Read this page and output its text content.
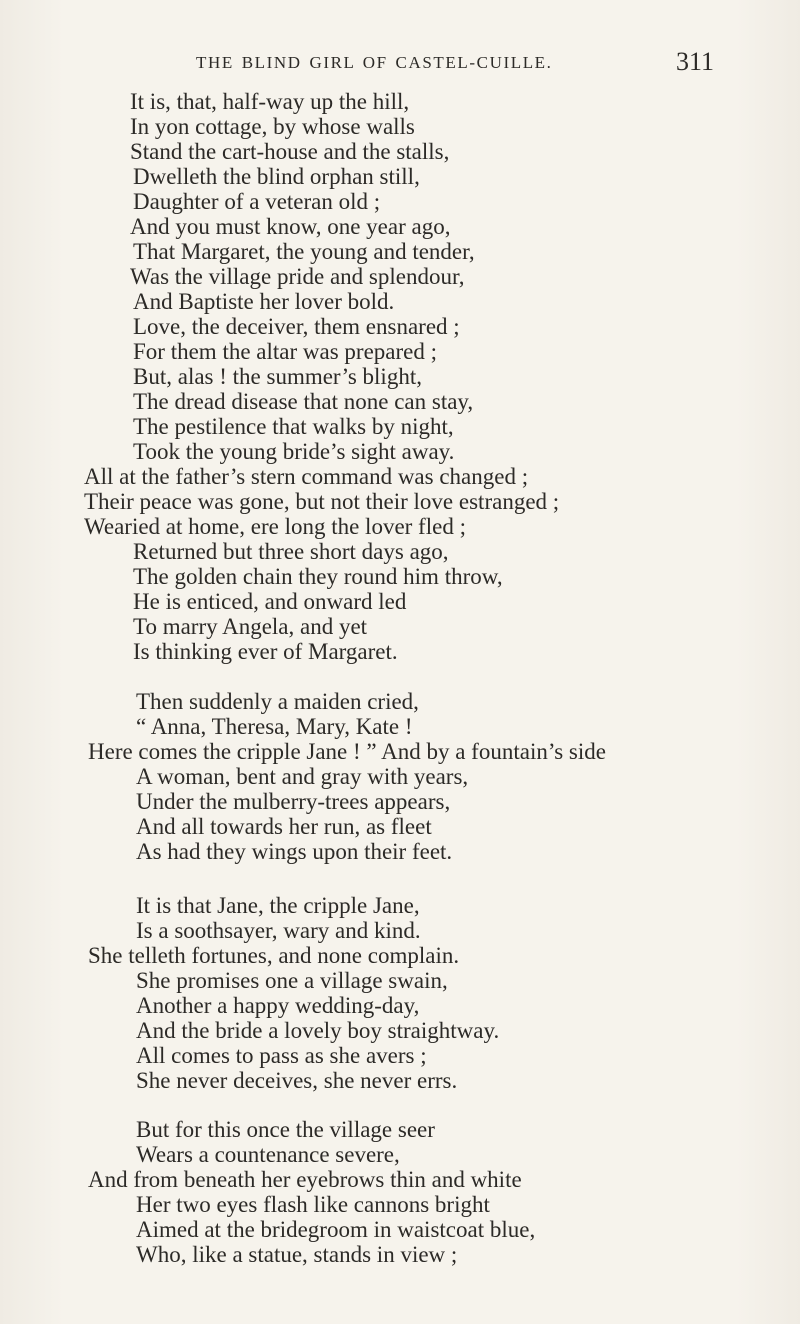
THE BLIND GIRL OF CASTEL-CUILLE.	311
It is, that, half-way up the hill,
In yon cottage, by whose walls
Stand the cart-house and the stalls,
Dwelleth the blind orphan still,
Daughter of a veteran old ;
And you must know, one year ago,
That Margaret, the young and tender,
Was the village pride and splendour,
And Baptiste her lover bold.
Love, the deceiver, them ensnared ;
For them the altar was prepared ;
But, alas ! the summer’s blight,
The dread disease that none can stay,
The pestilence that walks by night,
Took the young bride’s sight away.
All at the father’s stern command was changed ;
Their peace was gone, but not their love estranged ;
Wearied at home, ere long the lover fled ;
Returned but three short days ago,
The golden chain they round him throw,
He is enticed, and onward led
To marry Angela, and yet
Is thinking ever of Margaret.
Then suddenly a maiden cried,
“ Anna, Theresa, Mary, Kate !
Here comes the cripple Jane ! ” And by a fountain’s side
A woman, bent and gray with years,
Under the mulberry-trees appears,
And all towards her run, as fleet
As had they wings upon their feet.
It is that Jane, the cripple Jane,
Is a soothsayer, wary and kind.
She telleth fortunes, and none complain.
She promises one a village swain,
Another a happy wedding-day,
And the bride a lovely boy straightway.
All comes to pass as she avers ;
She never deceives, she never errs.
But for this once the village seer
Wears a countenance severe,
And from beneath her eyebrows thin and white
Her two eyes flash like cannons bright
Aimed at the bridegroom in waistcoat blue,
Who, like a statue, stands in view ;
